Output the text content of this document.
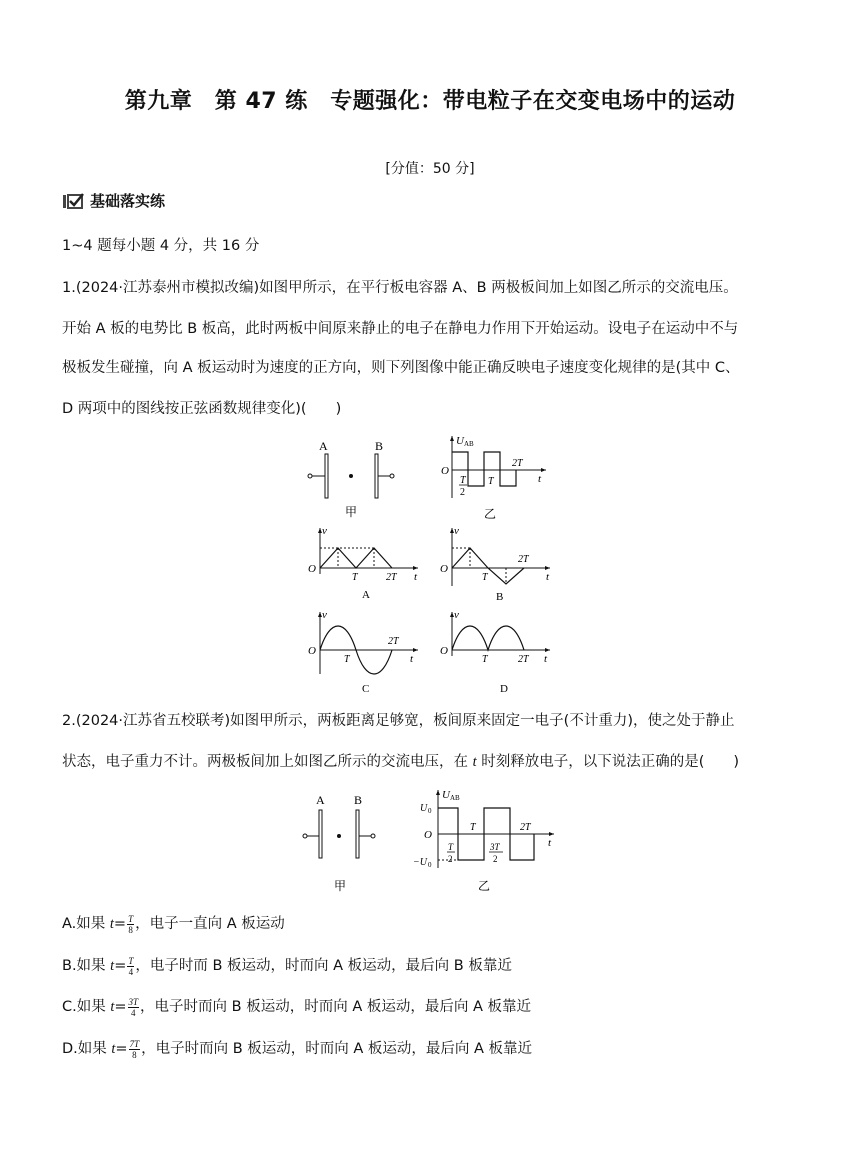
第九章　第 47 练　专题强化：带电粒子在交变电场中的运动
[分值：50 分]
基础落实练
1~4 题每小题 4 分，共 16 分
1.(2024·江苏泰州市模拟改编)如图甲所示，在平行板电容器 A、B 两极板间加上如图乙所示的交流电压。
开始 A 板的电势比 B 板高，此时两板中间原来静止的电子在静电力作用下开始运动。设电子在运动中不与
极板发生碰撞，向 A 板运动时为速度的正方向，则下列图像中能正确反映电子速度变化规律的是(其中 C、
D 两项中的图线按正弦函数规律变化)(　　)
A	B
甲
U AB
O
t
T
2
T
2T
乙
v
O
t
T	2T
A
v
O
t
T
2T
B
v
O
t
T
2T
C
v
O
t
T	2T
D
2.(2024·江苏省五校联考)如图甲所示，两板距离足够宽，板间原来固定一电子(不计重力)，使之处于静止
状态，电子重力不计。两极板间加上如图乙所示的交流电压，在 t 时刻释放电子，以下说法正确的是(　　)
A B
甲
U AB
U 0
O
−U 0
T
2
T
3T
2
2T
t
乙
A.如果 $t= \frac{T}{8}$ ，电子一直向 A 板运动
B.如果 $t= \frac{T}{4}$ ，电子时而 B 板运动，时而向 A 板运动，最后向 B 板靠近
C.如果 $t= \frac{3T}{4}$ ，电子时而向 B 板运动，时而向 A 板运动，最后向 A 板靠近
D.如果 $t= \frac{7T}{8}$ ，电子时而向 B 板运动，时而向 A 板运动，最后向 A 板靠近
